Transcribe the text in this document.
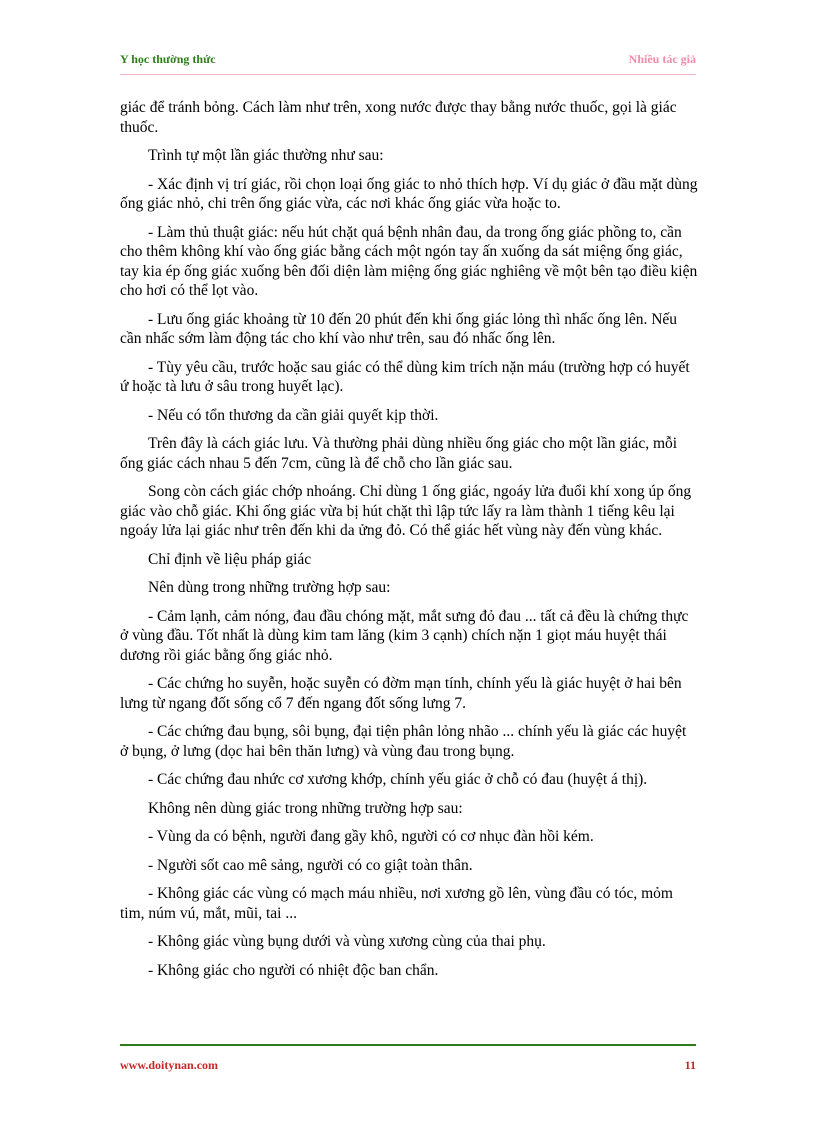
Y học thường thức	Nhiều tác giả

giác để tránh bỏng. Cách làm như trên, xong nước được thay bằng nước thuốc, gọi là giác thuốc.

Trình tự một lần giác thường như sau:

- Xác định vị trí giác, rồi chọn loại ống giác to nhỏ thích hợp. Ví dụ giác ở đầu mặt dùng ống giác nhỏ, chi trên ống giác vừa, các nơi khác ống giác vừa hoặc to.

- Làm thủ thuật giác: nếu hút chặt quá bệnh nhân đau, da trong ống giác phồng to, cần cho thêm không khí vào ống giác bằng cách một ngón tay ấn xuống da sát miệng ống giác, tay kia ép ống giác xuống bên đối diện làm miệng ống giác nghiêng về một bên tạo điều kiện cho hơi có thể lọt vào.

- Lưu ống giác khoảng từ 10 đến 20 phút đến khi ống giác lỏng thì nhấc ống lên. Nếu cần nhấc sớm làm động tác cho khí vào như trên, sau đó nhấc ống lên.

- Tùy yêu cầu, trước hoặc sau giác có thể dùng kim trích nặn máu (trường hợp có huyết ứ hoặc tà lưu ở sâu trong huyết lạc).

- Nếu có tổn thương da cần giải quyết kịp thời.

Trên đây là cách giác lưu. Và thường phải dùng nhiều ống giác cho một lần giác, mỗi ống giác cách nhau 5 đến 7cm, cũng là để chỗ cho lần giác sau.

Song còn cách giác chớp nhoáng. Chỉ dùng 1 ống giác, ngoáy lửa đuổi khí xong úp ống giác vào chỗ giác. Khi ống giác vừa bị hút chặt thì lập tức lấy ra làm thành 1 tiếng kêu lại ngoáy lửa lại giác như trên đến khi da ửng đỏ. Có thể giác hết vùng này đến vùng khác.

Chỉ định về liệu pháp giác

Nên dùng trong những trường hợp sau:

- Cảm lạnh, cảm nóng, đau đầu chóng mặt, mắt sưng đỏ đau ... tất cả đều là chứng thực ở vùng đầu. Tốt nhất là dùng kim tam lăng (kim 3 cạnh) chích nặn 1 giọt máu huyệt thái dương rồi giác bằng ống giác nhỏ.

- Các chứng ho suyễn, hoặc suyễn có đờm mạn tính, chính yếu là giác huyệt ở hai bên lưng từ ngang đốt sống cổ 7 đến ngang đốt sống lưng 7.

- Các chứng đau bụng, sôi bụng, đại tiện phân lỏng nhão ... chính yếu là giác các huyệt ở bụng, ở lưng (dọc hai bên thăn lưng) và vùng đau trong bụng.

- Các chứng đau nhức cơ xương khớp, chính yếu giác ở chỗ có đau (huyệt á thị).

Không nên dùng giác trong những trường hợp sau:

- Vùng da có bệnh, người đang gầy khô, người có cơ nhục đàn hồi kém.

- Người sốt cao mê sảng, người có co giật toàn thân.

- Không giác các vùng có mạch máu nhiều, nơi xương gồ lên, vùng đầu có tóc, mỏm tim, núm vú, mắt, mũi, tai ...

- Không giác vùng bụng dưới và vùng xương cùng của thai phụ.

- Không giác cho người có nhiệt độc ban chẩn.

www.doitynan.com	11
